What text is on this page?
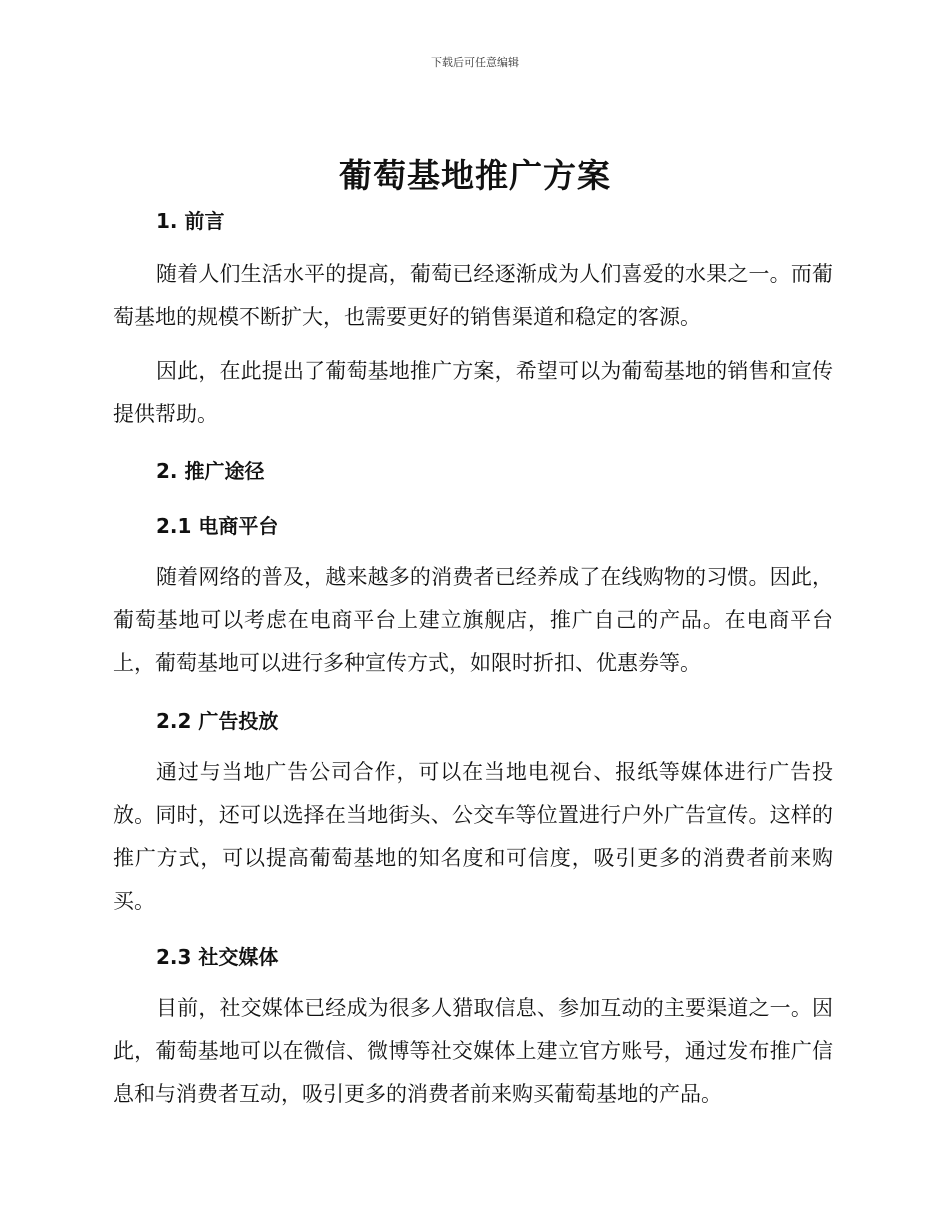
下载后可任意编辑
葡萄基地推广方案
1. 前言

随着人们生活水平的提高，葡萄已经逐渐成为人们喜爱的水果之一。而葡萄基地的规模不断扩大，也需要更好的销售渠道和稳定的客源。

因此，在此提出了葡萄基地推广方案，希望可以为葡萄基地的销售和宣传提供帮助。

2. 推广途径
2.1 电商平台

随着网络的普及，越来越多的消费者已经养成了在线购物的习惯。因此，葡萄基地可以考虑在电商平台上建立旗舰店，推广自己的产品。在电商平台上，葡萄基地可以进行多种宣传方式，如限时折扣、优惠券等。

2.2 广告投放

通过与当地广告公司合作，可以在当地电视台、报纸等媒体进行广告投放。同时，还可以选择在当地街头、公交车等位置进行户外广告宣传。这样的推广方式，可以提高葡萄基地的知名度和可信度，吸引更多的消费者前来购买。

2.3 社交媒体

目前，社交媒体已经成为很多人猎取信息、参加互动的主要渠道之一。因此，葡萄基地可以在微信、微博等社交媒体上建立官方账号，通过发布推广信息和与消费者互动，吸引更多的消费者前来购买葡萄基地的产品。
